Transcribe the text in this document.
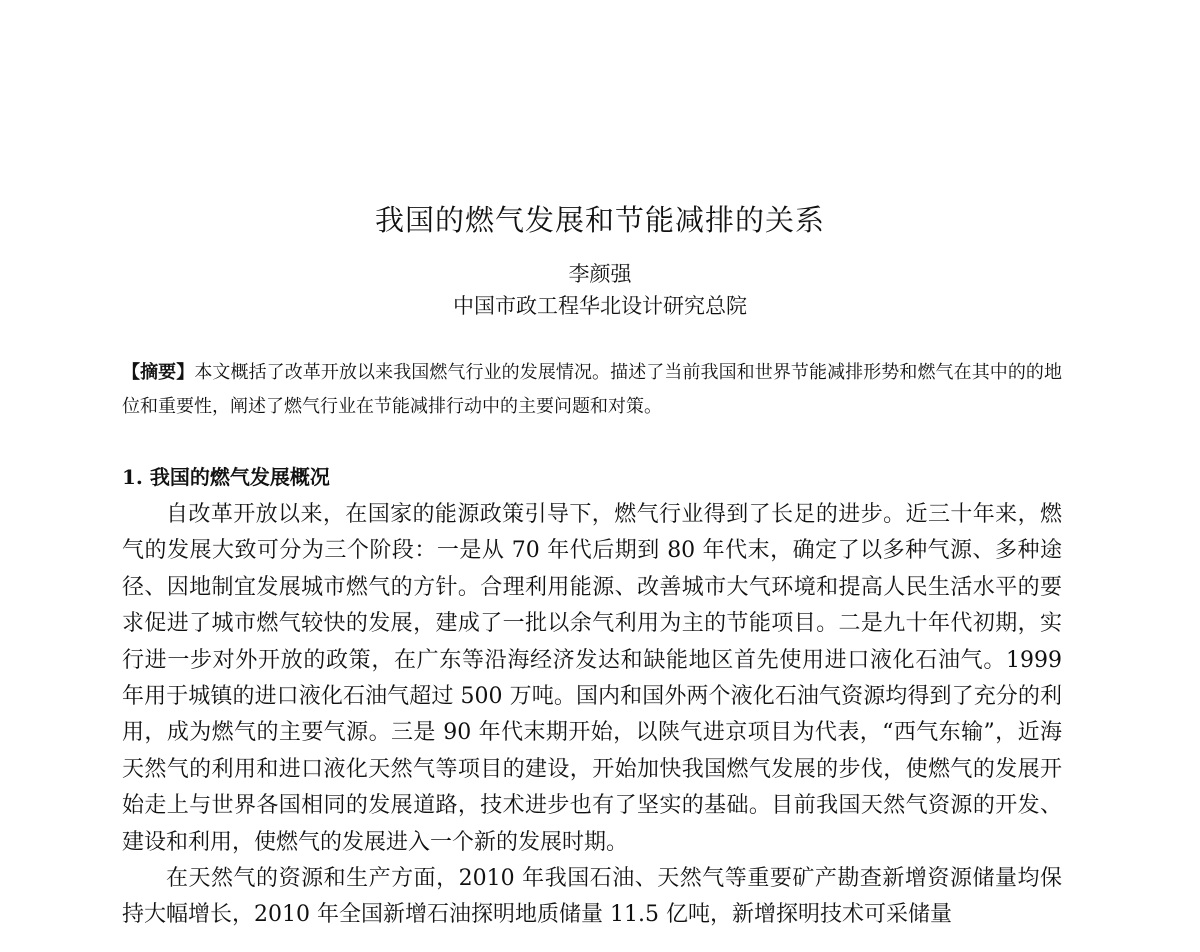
我国的燃气发展和节能减排的关系
李颜强
中国市政工程华北设计研究总院
【摘要】本文概括了改革开放以来我国燃气行业的发展情况。描述了当前我国和世界节能减排形势和燃气在其中的的地位和重要性，阐述了燃气行业在节能减排行动中的主要问题和对策。
1. 我国的燃气发展概况

自改革开放以来，在国家的能源政策引导下，燃气行业得到了长足的进步。近三十年来，燃气的发展大致可分为三个阶段：一是从 70 年代后期到 80 年代末，确定了以多种气源、多种途径、因地制宜发展城市燃气的方针。合理利用能源、改善城市大气环境和提高人民生活水平的要求促进了城市燃气较快的发展，建成了一批以余气利用为主的节能项目。二是九十年代初期，实行进一步对外开放的政策，在广东等沿海经济发达和缺能地区首先使用进口液化石油气。1999 年用于城镇的进口液化石油气超过 500 万吨。国内和国外两个液化石油气资源均得到了充分的利用，成为燃气的主要气源。三是 90 年代末期开始，以陕气进京项目为代表，“西气东输”，近海天然气的利用和进口液化天然气等项目的建设，开始加快我国燃气发展的步伐，使燃气的发展开始走上与世界各国相同的发展道路，技术进步也有了坚实的基础。目前我国天然气资源的开发、建设和利用，使燃气的发展进入一个新的发展时期。

在天然气的资源和生产方面，2010 年我国石油、天然气等重要矿产勘查新增资源储量均保持大幅增长，2010 年全国新增石油探明地质储量 11.5 亿吨，新增探明技术可采储量
